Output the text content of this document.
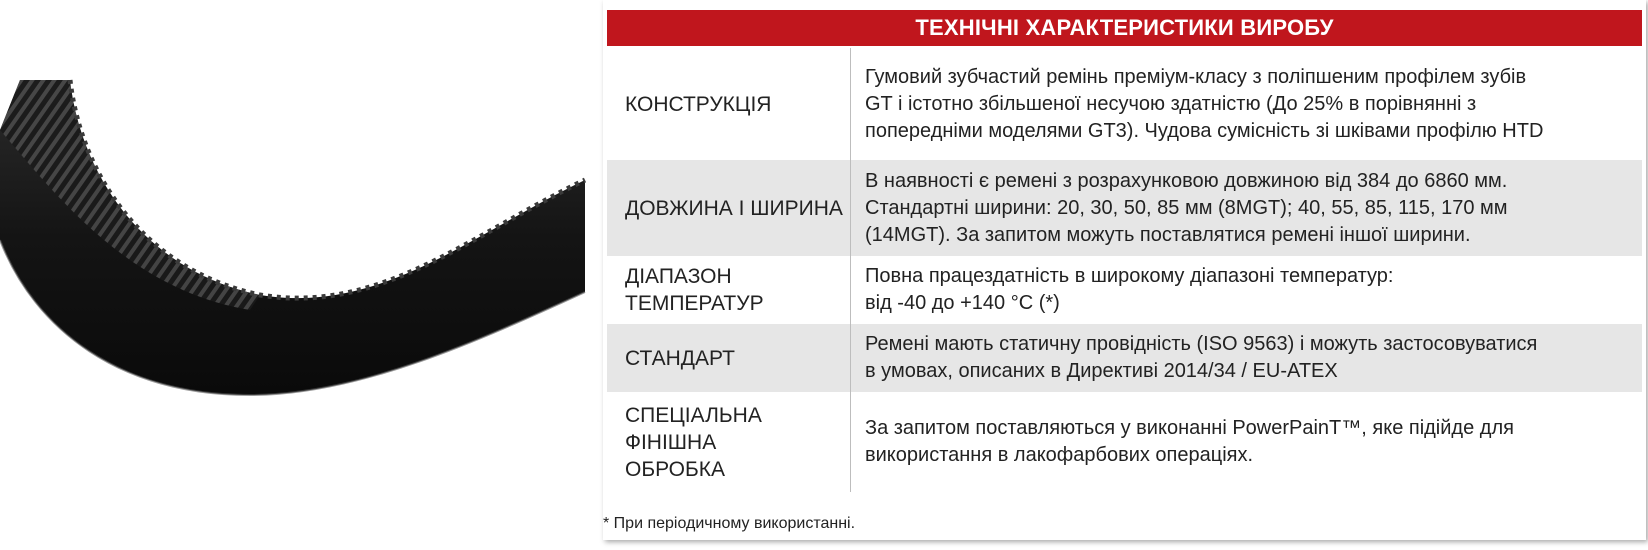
ТЕХНІЧНІ ХАРАКТЕРИСТИКИ ВИРОБУ
КОНСТРУКЦІЯ
Гумовий зубчастий ремінь преміум-класу з поліпшеним профілем зубів
GT і істотно збільшеної несучою здатністю (До 25% в порівнянні з
попередніми моделями GT3). Чудова сумісність зі шківами профілю HTD
ДОВЖИНА І ШИРИНА
В наявності є ремені з розрахунковою довжиною від 384 до 6860 мм.
Стандартні ширини: 20, 30, 50, 85 мм (8MGT); 40, 55, 85, 115, 170 мм
(14MGT). За запитом можуть поставлятися ремені іншої ширини.
ДІАПАЗОН
ТЕМПЕРАТУР
Повна працездатність в широкому діапазоні температур:
від -40 до +140 °C (*)
СТАНДАРТ
Ремені мають статичну провідність (ISO 9563) і можуть застосовуватися
в умовах, описаних в Директиві 2014/34 / EU-ATEX
СПЕЦІАЛЬНА
ФІНІШНА
ОБРОБКА
За запитом поставляються у виконанні PowerPainT™, яке підійде для
використання в лакофарбових операціях.
* При періодичному використанні.
